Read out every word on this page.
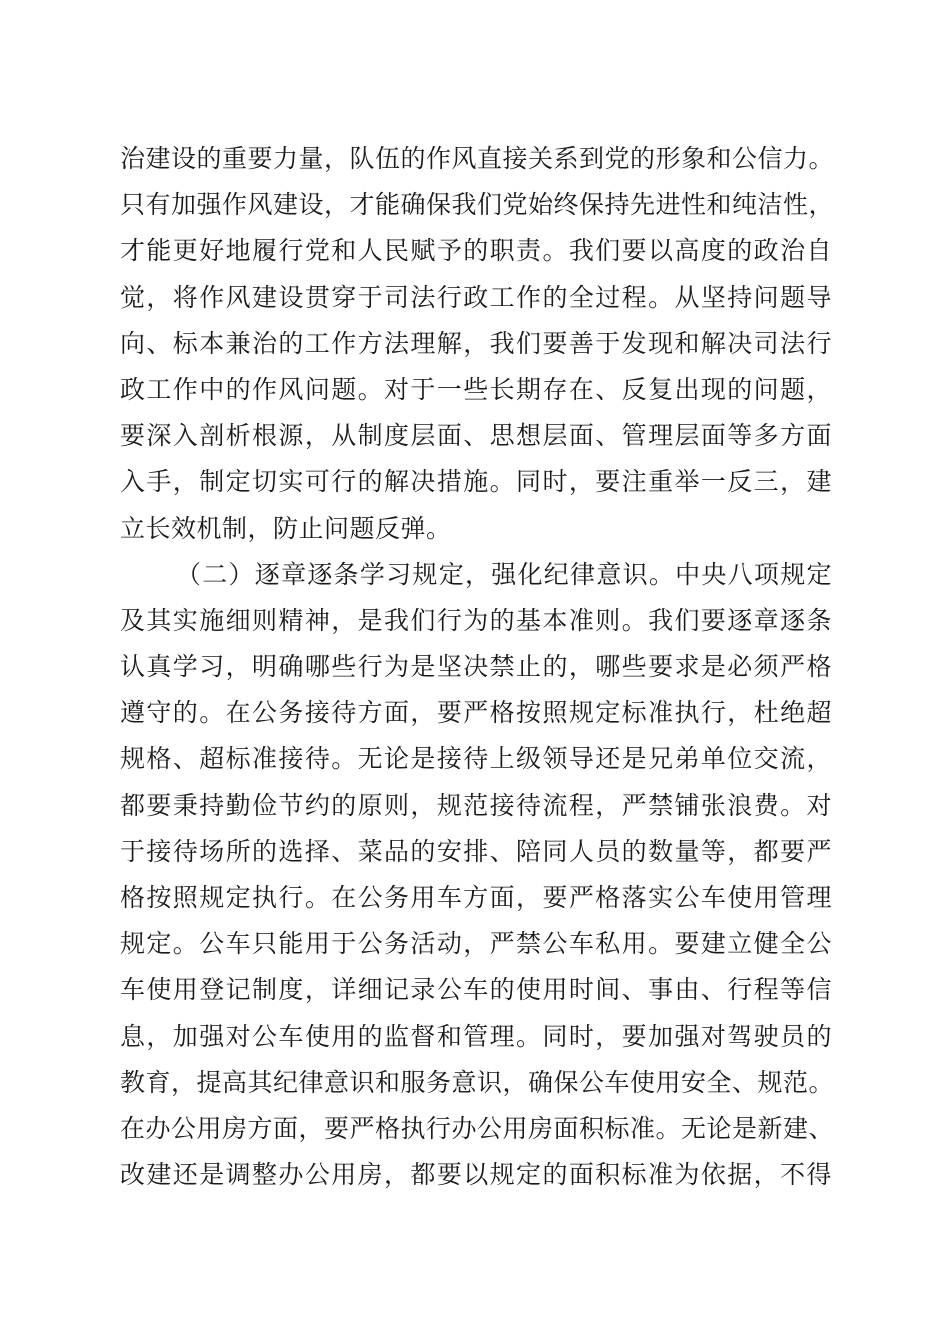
治建设的重要力量，队伍的作风直接关系到党的形象和公信力。
只有加强作风建设，才能确保我们党始终保持先进性和纯洁性，
才能更好地履行党和人民赋予的职责。我们要以高度的政治自
觉，将作风建设贯穿于司法行政工作的全过程。从坚持问题导
向、标本兼治的工作方法理解，我们要善于发现和解决司法行
政工作中的作风问题。对于一些长期存在、反复出现的问题，
要深入剖析根源，从制度层面、思想层面、管理层面等多方面
入手，制定切实可行的解决措施。同时，要注重举一反三，建
立长效机制，防止问题反弹。
（二）逐章逐条学习规定，强化纪律意识。中央八项规定
及其实施细则精神，是我们行为的基本准则。我们要逐章逐条
认真学习，明确哪些行为是坚决禁止的，哪些要求是必须严格
遵守的。在公务接待方面，要严格按照规定标准执行，杜绝超
规格、超标准接待。无论是接待上级领导还是兄弟单位交流，
都要秉持勤俭节约的原则，规范接待流程，严禁铺张浪费。对
于接待场所的选择、菜品的安排、陪同人员的数量等，都要严
格按照规定执行。在公务用车方面，要严格落实公车使用管理
规定。公车只能用于公务活动，严禁公车私用。要建立健全公
车使用登记制度，详细记录公车的使用时间、事由、行程等信
息，加强对公车使用的监督和管理。同时，要加强对驾驶员的
教育，提高其纪律意识和服务意识，确保公车使用安全、规范。
在办公用房方面，要严格执行办公用房面积标准。无论是新建、
改建还是调整办公用房，都要以规定的面积标准为依据，不得
